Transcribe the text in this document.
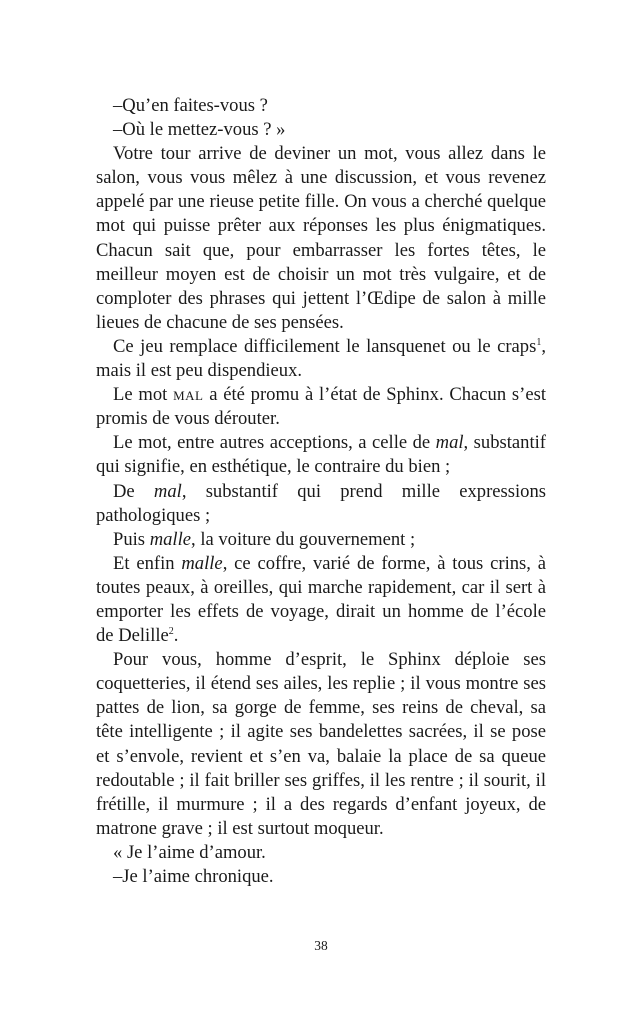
–Qu’en faites-vous ?

–Où le mettez-vous ? »

Votre tour arrive de deviner un mot, vous allez dans le salon, vous vous mêlez à une discussion, et vous revenez appelé par une rieuse petite fille. On vous a cherché quelque mot qui puisse prêter aux réponses les plus énigmatiques. Chacun sait que, pour embarrasser les fortes têtes, le meilleur moyen est de choisir un mot très vulgaire, et de comploter des phrases qui jettent l’Œdipe de salon à mille lieues de chacune de ses pensées.

Ce jeu remplace difficilement le lansquenet ou le craps$^1$, mais il est peu dispendieux.

Le mot mal a été promu à l’état de Sphinx. Chacun s’est promis de vous dérouter.

Le mot, entre autres acceptions, a celle de mal, substantif qui signifie, en esthétique, le contraire du bien ;

De mal, substantif qui prend mille expressions pathologiques ;

Puis malle, la voiture du gouvernement ;

Et enfin malle, ce coffre, varié de forme, à tous crins, à toutes peaux, à oreilles, qui marche rapidement, car il sert à emporter les effets de voyage, dirait un homme de l’école de Delille$^2$.

Pour vous, homme d’esprit, le Sphinx déploie ses coquetteries, il étend ses ailes, les replie ; il vous montre ses pattes de lion, sa gorge de femme, ses reins de cheval, sa tête intelligente ; il agite ses bandelettes sacrées, il se pose et s’envole, revient et s’en va, balaie la place de sa queue redoutable ; il fait briller ses griffes, il les rentre ; il sourit, il frétille, il murmure ; il a des regards d’enfant joyeux, de matrone grave ; il est surtout moqueur.

« Je l’aime d’amour.

–Je l’aime chronique.

38
